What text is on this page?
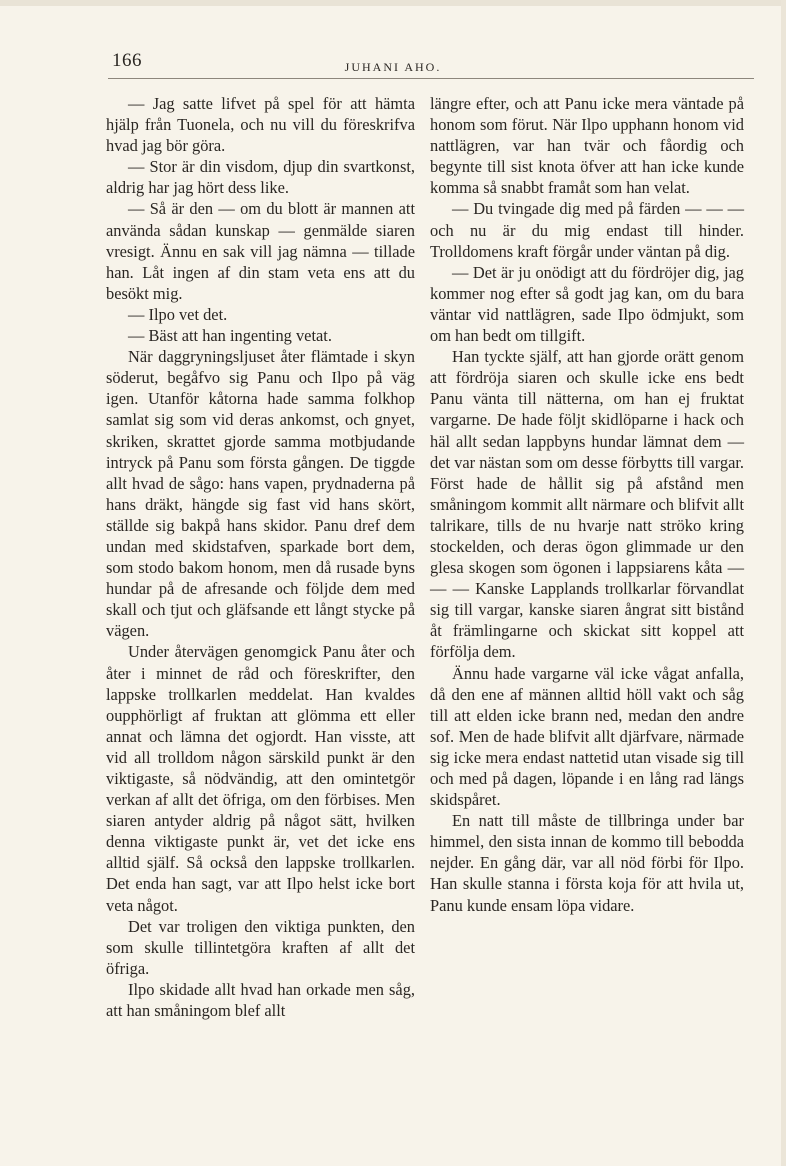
166	JUHANI AHO.

— Jag satte lifvet på spel för att hämta hjälp från Tuonela, och nu vill du föreskrifva hvad jag bör göra.

— Stor är din visdom, djup din svartkonst, aldrig har jag hört dess like.

— Så är den — om du blott är mannen att använda sådan kunskap — genmälde siaren vresigt. Ännu en sak vill jag nämna — tillade han. Låt ingen af din stam veta ens att du besökt mig.

— Ilpo vet det.

— Bäst att han ingenting vetat.

När daggryningsljuset åter flämtade i skyn söderut, begåfvo sig Panu och Ilpo på väg igen. Utanför kåtorna hade samma folkhop samlat sig som vid deras ankomst, och gnyet, skriken, skrattet gjorde samma motbjudande intryck på Panu som första gången. De tiggde allt hvad de sågo: hans vapen, prydnaderna på hans dräkt, hängde sig fast vid hans skört, ställde sig bakpå hans skidor. Panu dref dem undan med skidstafven, sparkade bort dem, som stodo bakom honom, men då rusade byns hundar på de afresande och följde dem med skall och tjut och gläfsande ett långt stycke på vägen.

Under återvägen genomgick Panu åter och åter i minnet de råd och föreskrifter, den lappske trollkarlen meddelat. Han kvaldes oupphörligt af fruktan att glömma ett eller annat och lämna det ogjordt. Han visste, att vid all trolldom någon särskild punkt är den viktigaste, så nödvändig, att den omintetgör verkan af allt det öfriga, om den förbises. Men siaren antyder aldrig på något sätt, hvilken denna viktigaste punkt är, vet det icke ens alltid själf. Så också den lappske trollkarlen. Det enda han sagt, var att Ilpo helst icke bort veta något.

Det var troligen den viktiga punkten, den som skulle tillintetgöra kraften af allt det öfriga.

Ilpo skidade allt hvad han orkade men såg, att han småningom blef allt

längre efter, och att Panu icke mera väntade på honom som förut. När Ilpo upphann honom vid nattlägren, var han tvär och fåordig och begynte till sist knota öfver att han icke kunde komma så snabbt framåt som han velat.

— Du tvingade dig med på färden — — — och nu är du mig endast till hinder. Trolldomens kraft förgår under väntan på dig.

— Det är ju onödigt att du fördröjer dig, jag kommer nog efter så godt jag kan, om du bara väntar vid nattlägren, sade Ilpo ödmjukt, som om han bedt om tillgift.

Han tyckte själf, att han gjorde orätt genom att fördröja siaren och skulle icke ens bedt Panu vänta till nätterna, om han ej fruktat vargarne. De hade följt skidlöparne i hack och häl allt sedan lappbyns hundar lämnat dem — det var nästan som om desse förbytts till vargar. Först hade de hållit sig på afstånd men småningom kommit allt närmare och blifvit allt talrikare, tills de nu hvarje natt ströko kring stockelden, och deras ögon glimmade ur den glesa skogen som ögonen i lappsiarens kåta — — — Kanske Lapplands trollkarlar förvandlat sig till vargar, kanske siaren ångrat sitt bistånd åt främlingarne och skickat sitt koppel att förfölja dem.

Ännu hade vargarne väl icke vågat anfalla, då den ene af männen alltid höll vakt och såg till att elden icke brann ned, medan den andre sof. Men de hade blifvit allt djärfvare, närmade sig icke mera endast nattetid utan visade sig till och med på dagen, löpande i en lång rad längs skidspåret.

En natt till måste de tillbringa under bar himmel, den sista innan de kommo till bebodda nejder. En gång där, var all nöd förbi för Ilpo. Han skulle stanna i första koja för att hvila ut, Panu kunde ensam löpa vidare.
